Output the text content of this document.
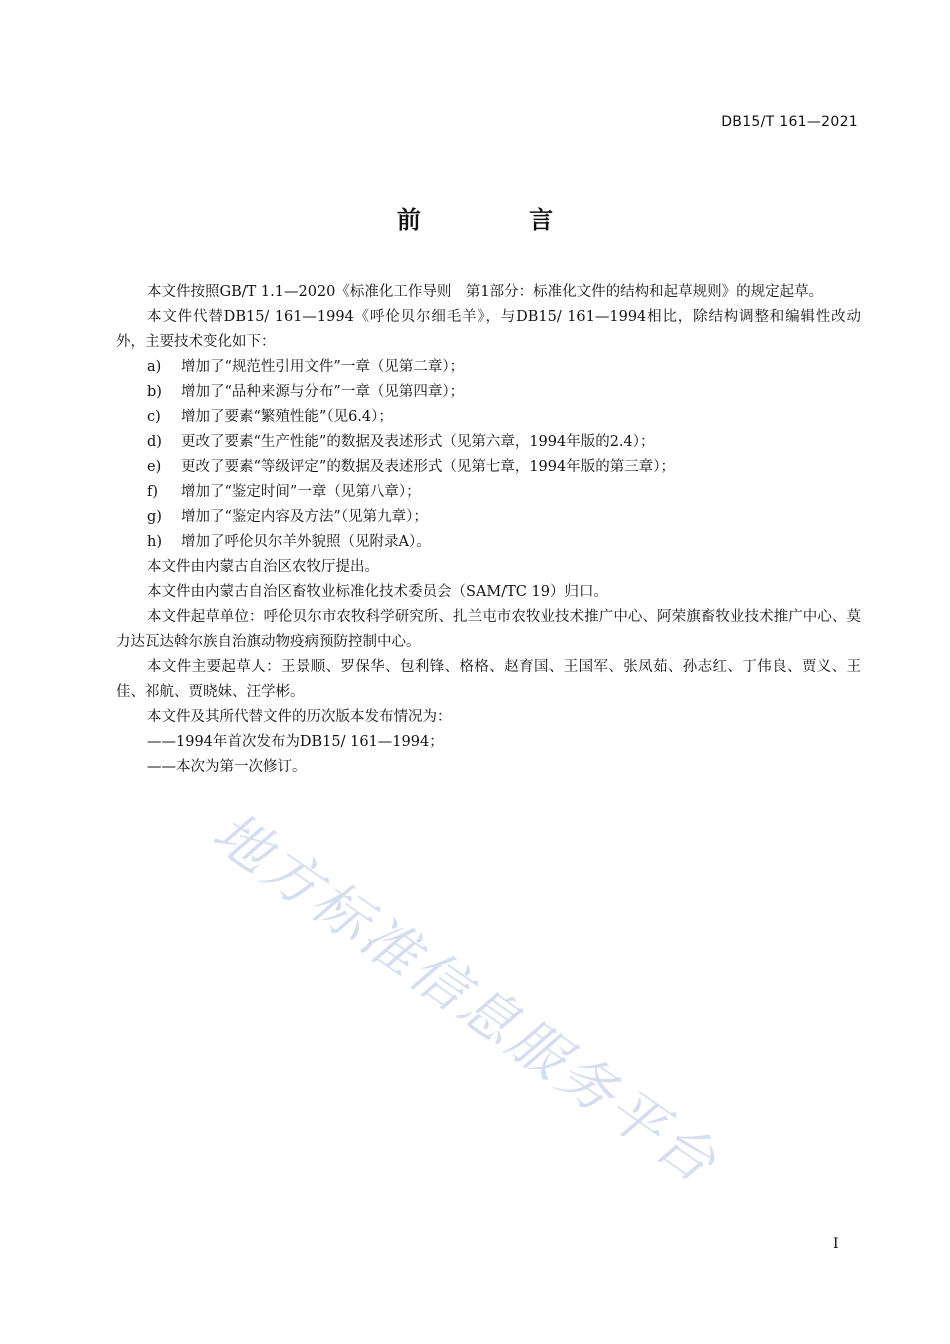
DB15/T 161—2021
前 言

本文件按照GB/T 1.1—2020《标准化工作导则　第1部分：标准化文件的结构和起草规则》的规定起草。

本文件代替DB15/ 161—1994《呼伦贝尔细毛羊》，与DB15/ 161—1994相比，除结构调整和编辑性改动外，主要技术变化如下：

a)	增加了“规范性引用文件”一章（见第二章）；
b)	增加了“品种来源与分布”一章（见第四章）；
c)	增加了要素“繁殖性能”（见6.4）；
d)	更改了要素“生产性能”的数据及表述形式（见第六章，1994年版的2.4）；
e)	更改了要素“等级评定”的数据及表述形式（见第七章，1994年版的第三章）；
f)	增加了“鉴定时间”一章（见第八章）；
g)	增加了“鉴定内容及方法”（见第九章）；
h)	增加了呼伦贝尔羊外貌照（见附录A）。

本文件由内蒙古自治区农牧厅提出。

本文件由内蒙古自治区畜牧业标准化技术委员会（SAM/TC 19）归口。

本文件起草单位：呼伦贝尔市农牧科学研究所、扎兰屯市农牧业技术推广中心、阿荣旗畜牧业技术推广中心、莫力达瓦达斡尔族自治旗动物疫病预防控制中心。

本文件主要起草人：王景顺、罗保华、包利锋、格格、赵育国、王国军、张凤茹、孙志红、丁伟良、贾义、王佳、祁航、贾晓妹、汪学彬。

本文件及其所代替文件的历次版本发布情况为：

——1994年首次发布为DB15/ 161—1994；

——本次为第一次修订。

地方标准信息服务平台
I
